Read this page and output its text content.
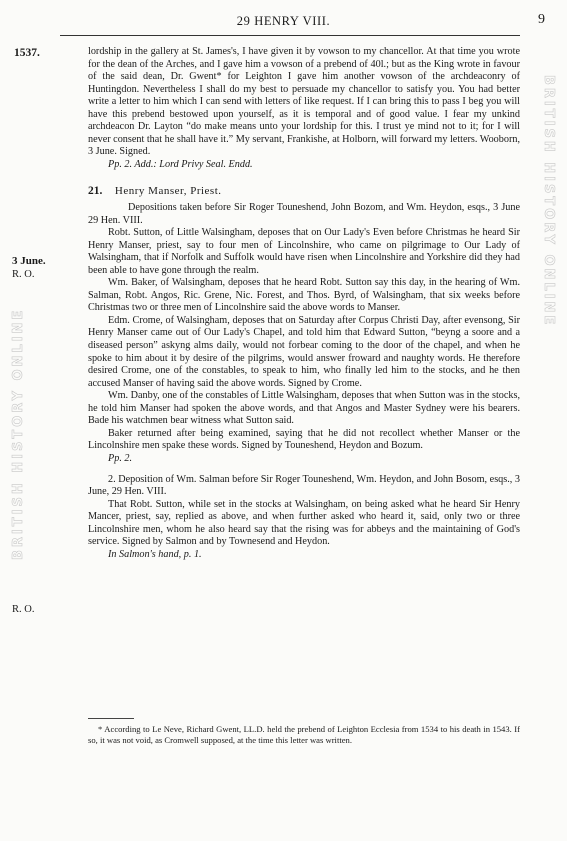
29 HENRY VIII.	9
1537.
3 June.
R. O.
R. O.

lordship in the gallery at St. James's, I have given it by vowson to my chancellor. At that time you wrote for the dean of the Arches, and I gave him a vowson of a prebend of 40l.; but as the King wrote in favour of the said dean, Dr. Gwent* for Leighton I gave him another vowson of the archdeaconry of Huntingdon. Nevertheless I shall do my best to persuade my chancellor to satisfy you. You had better write a letter to him which I can send with letters of like request. If I can bring this to pass I beg you will have this prebend bestowed upon yourself, as it is temporal and of good value. I fear my unkind archdeacon Dr. Layton “do make means unto your lordship for this. I trust ye mind not to it; for I will never consent that he shall have it.” My servant, Frankishe, at Holborn, will forward my letters. Wooborn, 3 June. Signed.

Pp. 2. Add.: Lord Privy Seal. Endd.

21. Henry Manser, Priest.

Depositions taken before Sir Roger Touneshend, John Bozom, and Wm. Heydon, esqs., 3 June 29 Hen. VIII.

Robt. Sutton, of Little Walsingham, deposes that on Our Lady's Even before Christmas he heard Sir Henry Manser, priest, say to four men of Lincolnshire, who came on pilgrimage to Our Lady of Walsingham, that if Norfolk and Suffolk would have risen when Lincolnshire and Yorkshire did they had been able to have gone through the realm.

Wm. Baker, of Walsingham, deposes that he heard Robt. Sutton say this day, in the hearing of Wm. Salman, Robt. Angos, Ric. Grene, Nic. Forest, and Thos. Byrd, of Walsingham, that six weeks before Christmas two or three men of Lincolnshire said the above words to Manser.

Edm. Crome, of Walsingham, deposes that on Saturday after Corpus Christi Day, after evensong, Sir Henry Manser came out of Our Lady's Chapel, and told him that Edward Sutton, “beyng a soore and a diseased person” askyng alms daily, would not forbear coming to the door of the chapel, and when he spoke to him about it by desire of the pilgrims, would answer froward and naughty words. He therefore desired Crome, one of the constables, to speak to him, who finally led him to the stocks, and he then accused Manser of having said the above words. Signed by Crome.

Wm. Danby, one of the constables of Little Walsingham, deposes that when Sutton was in the stocks, he told him Manser had spoken the above words, and that Angos and Master Sydney were his bearers. Bade his watchmen bear witness what Sutton said.

Baker returned after being examined, saying that he did not recollect whether Manser or the Lincolnshire men spake these words. Signed by Touneshend, Heydon and Bozum.

Pp. 2.

2. Deposition of Wm. Salman before Sir Roger Touneshend, Wm. Heydon, and John Bosom, esqs., 3 June, 29 Hen. VIII.

That Robt. Sutton, while set in the stocks at Walsingham, on being asked what he heard Sir Henry Mancer, priest, say, replied as above, and when further asked who heard it, said, only two or three Lincolnshire men, whom he also heard say that the rising was for abbeys and the maintaining of God's service. Signed by Salmon and by Townesend and Heydon.

In Salmon's hand, p. 1.

* According to Le Neve, Richard Gwent, LL.D. held the prebend of Leighton Ecclesia from 1534 to his death in 1543. If so, it was not void, as Cromwell supposed, at the time this letter was written.
BRITISH HISTORY ONLINE
BRITISH HISTORY ONLINE
